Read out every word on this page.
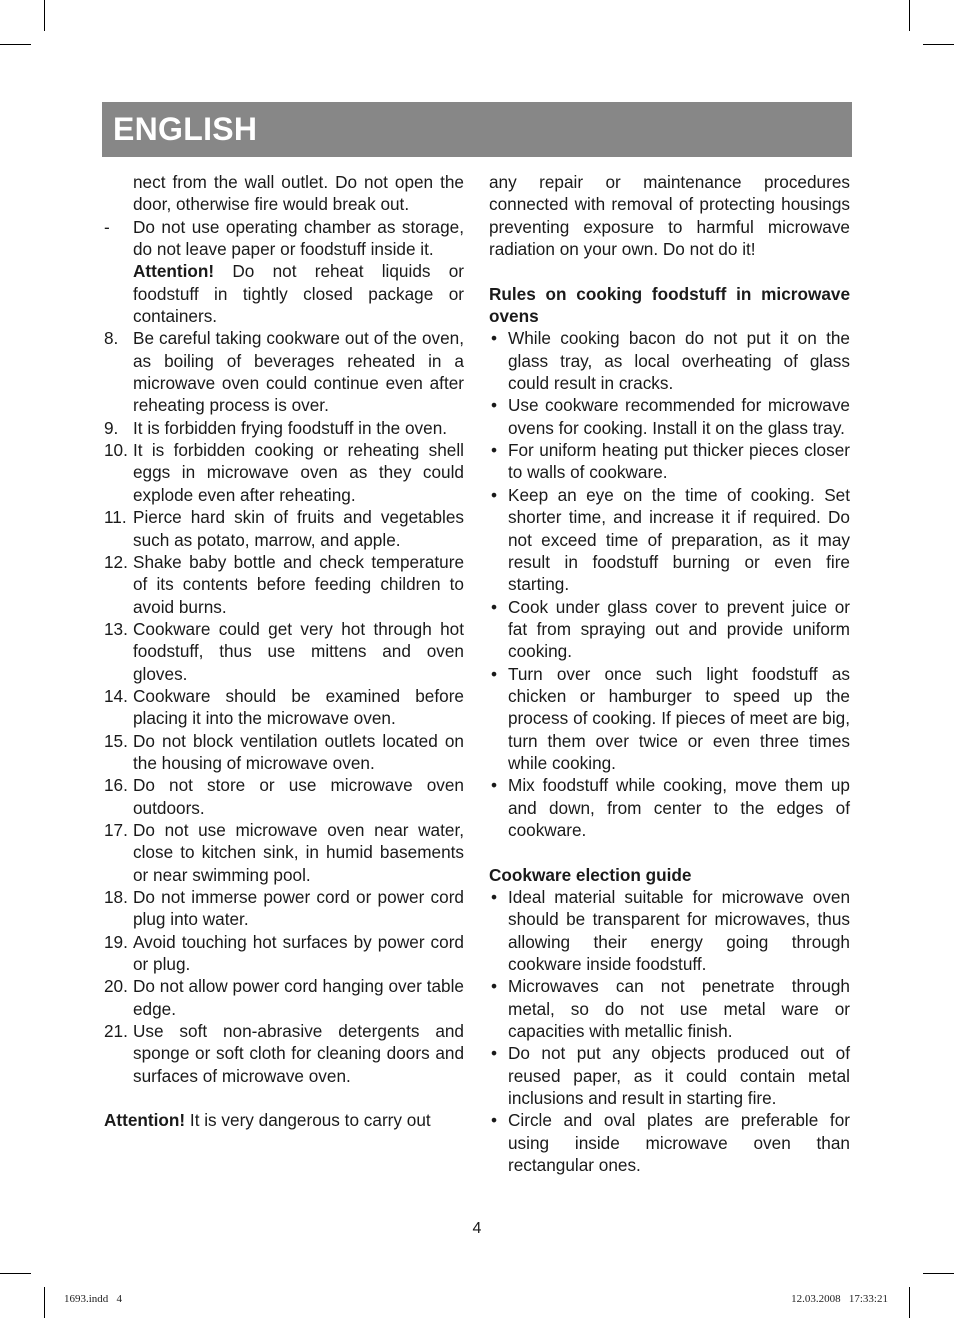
ENGLISH
nect from the wall outlet. Do not open the door, otherwise fire would break out.
-	Do not use operating chamber as storage, do not leave paper or foodstuff inside it.
Attention! Do not reheat liquids or foodstuff in tightly closed package or containers.
8. Be careful taking cookware out of the oven, as boiling of beverages reheated in a microwave oven could continue even after reheating process is over.
9. It is forbidden frying foodstuff in the oven.
10. It is forbidden cooking or reheating shell eggs in microwave oven as they could explode even after reheating.
11. Pierce hard skin of fruits and vegetables such as potato, marrow, and apple.
12. Shake baby bottle and check temperature of its contents before feeding children to avoid burns.
13. Cookware could get very hot through hot foodstuff, thus use mittens and oven gloves.
14. Cookware should be examined before placing it into the microwave oven.
15. Do not block ventilation outlets located on the housing of microwave oven.
16. Do not store or use microwave oven outdoors.
17. Do not use microwave oven near water, close to kitchen sink, in humid basements or near swimming pool.
18. Do not immerse power cord or power cord plug into water.
19. Avoid touching hot surfaces by power cord or plug.
20. Do not allow power cord hanging over table edge.
21. Use soft non-abrasive detergents and sponge or soft cloth for cleaning doors and surfaces of microwave oven.
Attention! It is very dangerous to carry out
any repair or maintenance procedures connected with removal of protecting housings preventing exposure to harmful microwave radiation on your own. Do not do it!
Rules on cooking foodstuff in microwave ovens
• While cooking bacon do not put it on the glass tray, as local overheating of glass could result in cracks.
• Use cookware recommended for microwave ovens for cooking. Install it on the glass tray.
• For uniform heating put thicker pieces closer to walls of cookware.
• Keep an eye on the time of cooking. Set shorter time, and increase it if required. Do not exceed time of preparation, as it may result in foodstuff burning or even fire starting.
• Cook under glass cover to prevent juice or fat from spraying out and provide uniform cooking.
• Turn over once such light foodstuff as chicken or hamburger to speed up the process of cooking. If pieces of meet are big, turn them over twice or even three times while cooking.
• Mix foodstuff while cooking, move them up and down, from center to the edges of cookware.
Cookware election guide
• Ideal material suitable for microwave oven should be transparent for microwaves, thus allowing their energy going through cookware inside foodstuff.
• Microwaves can not penetrate through metal, so do not use metal ware or capacities with metallic finish.
• Do not put any objects produced out of reused paper, as it could contain metal inclusions and result in starting fire.
• Circle and oval plates are preferable for using inside microwave oven than rectangular ones.
4
1693.indd   4	12.03.2008   17:33:21
